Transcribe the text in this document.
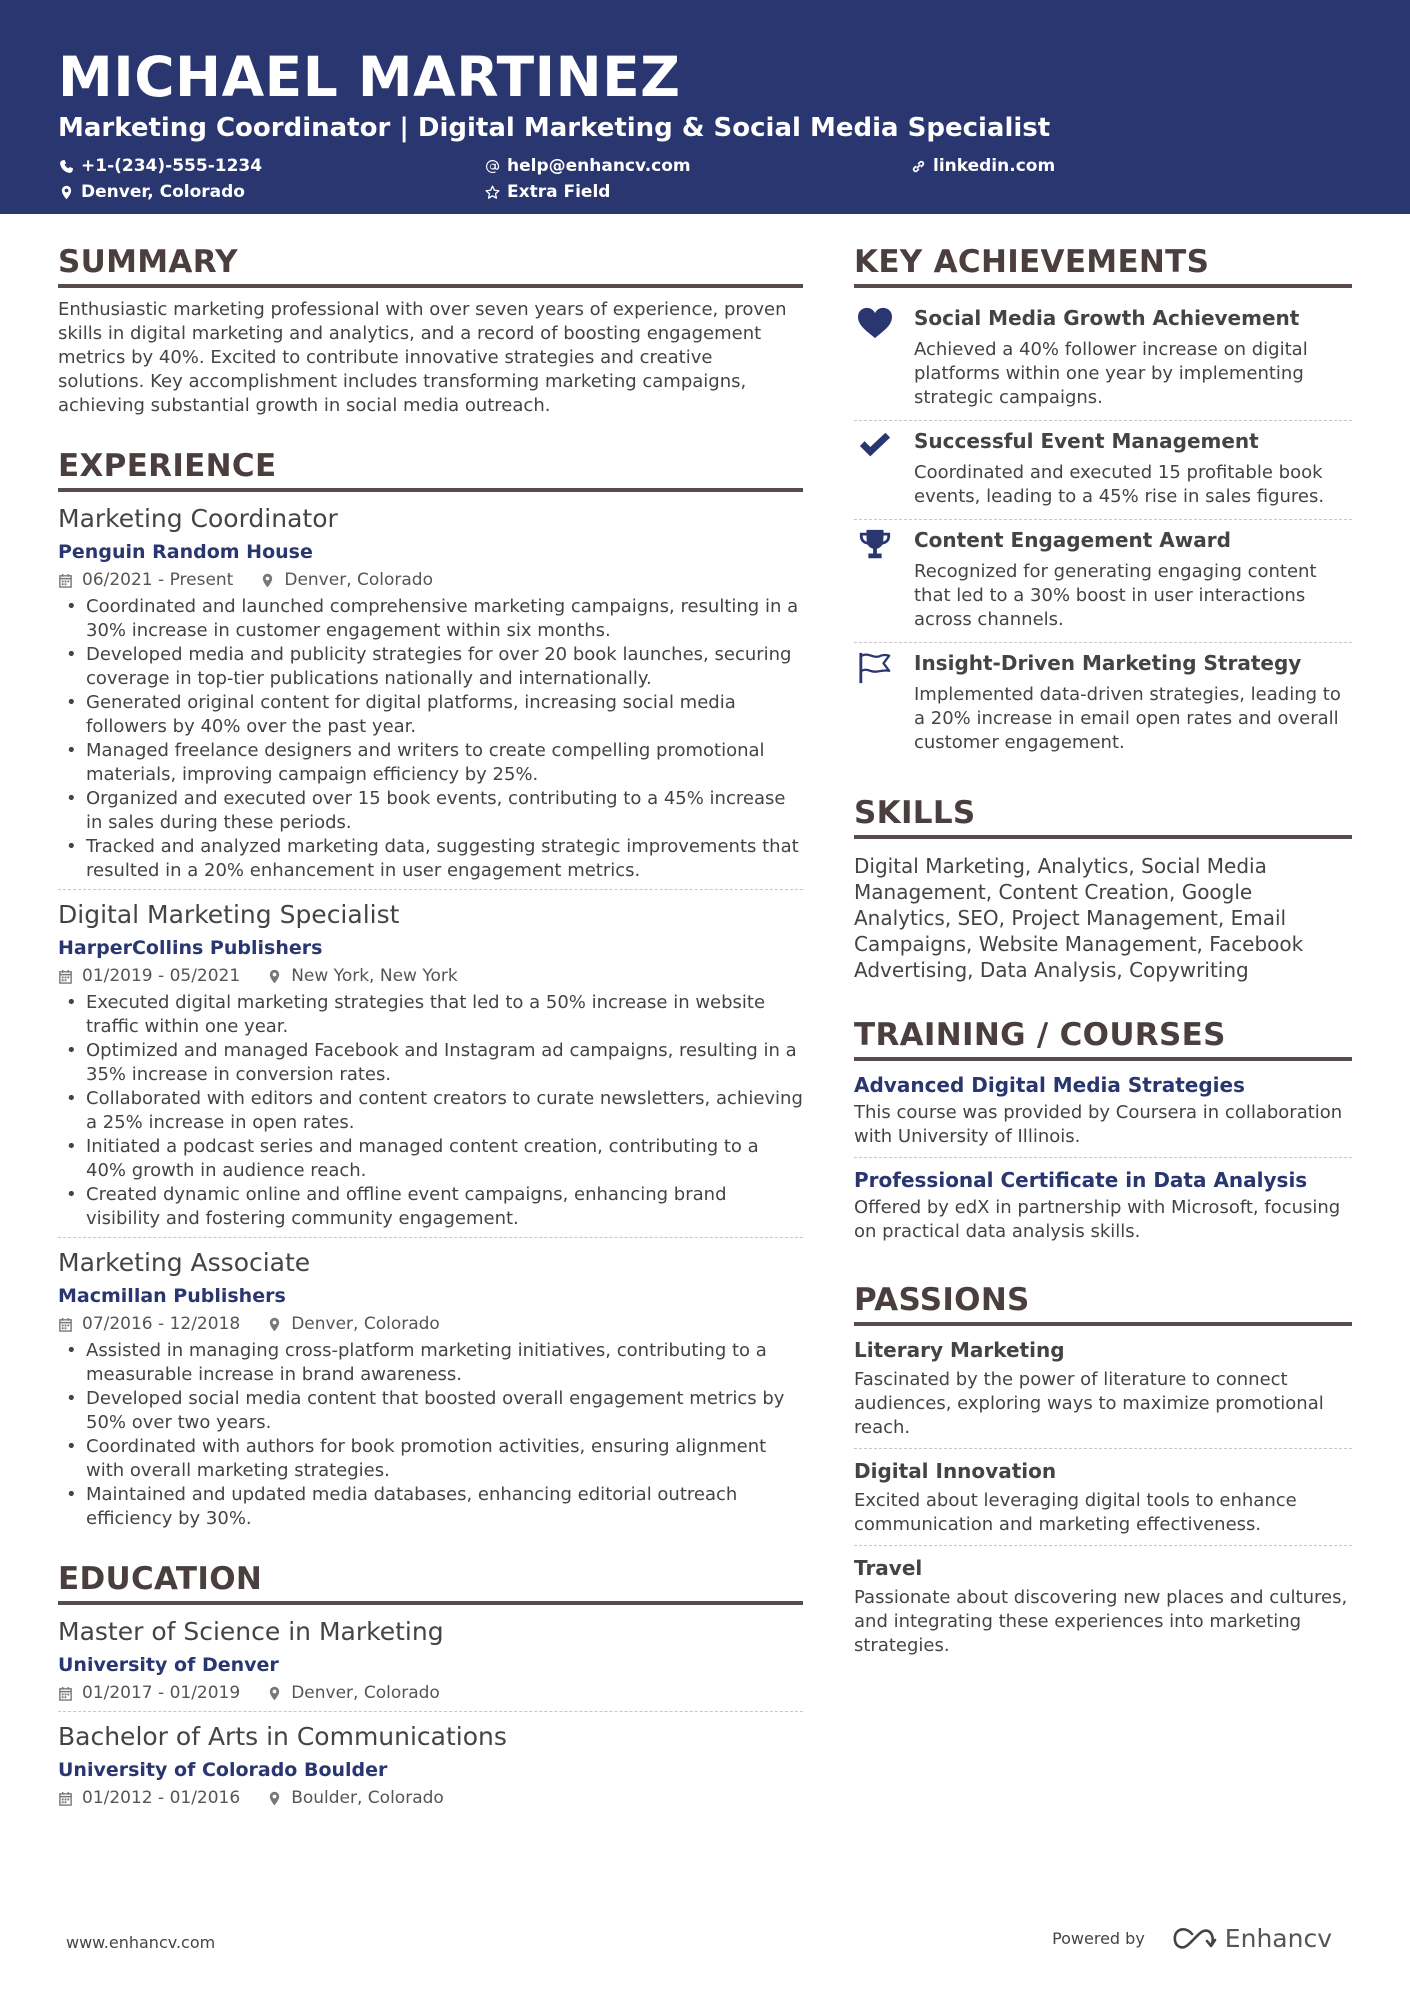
MICHAEL MARTINEZ
Marketing Coordinator | Digital Marketing & Social Media Specialist
+1-(234)-555-1234	help@enhancv.com	linkedin.com
Denver, Colorado	Extra Field
SUMMARY
Enthusiastic marketing professional with over seven years of experience, proven skills in digital marketing and analytics, and a record of boosting engagement metrics by 40%. Excited to contribute innovative strategies and creative solutions. Key accomplishment includes transforming marketing campaigns, achieving substantial growth in social media outreach.
EXPERIENCE
Marketing Coordinator
Penguin Random House
06/2021 - Present	Denver, Colorado
• Coordinated and launched comprehensive marketing campaigns, resulting in a 30% increase in customer engagement within six months.
• Developed media and publicity strategies for over 20 book launches, securing coverage in top-tier publications nationally and internationally.
• Generated original content for digital platforms, increasing social media followers by 40% over the past year.
• Managed freelance designers and writers to create compelling promotional materials, improving campaign efficiency by 25%.
• Organized and executed over 15 book events, contributing to a 45% increase in sales during these periods.
• Tracked and analyzed marketing data, suggesting strategic improvements that resulted in a 20% enhancement in user engagement metrics.
Digital Marketing Specialist
HarperCollins Publishers
01/2019 - 05/2021	New York, New York
• Executed digital marketing strategies that led to a 50% increase in website traffic within one year.
• Optimized and managed Facebook and Instagram ad campaigns, resulting in a 35% increase in conversion rates.
• Collaborated with editors and content creators to curate newsletters, achieving a 25% increase in open rates.
• Initiated a podcast series and managed content creation, contributing to a 40% growth in audience reach.
• Created dynamic online and offline event campaigns, enhancing brand visibility and fostering community engagement.
Marketing Associate
Macmillan Publishers
07/2016 - 12/2018	Denver, Colorado
• Assisted in managing cross-platform marketing initiatives, contributing to a measurable increase in brand awareness.
• Developed social media content that boosted overall engagement metrics by 50% over two years.
• Coordinated with authors for book promotion activities, ensuring alignment with overall marketing strategies.
• Maintained and updated media databases, enhancing editorial outreach efficiency by 30%.
EDUCATION
Master of Science in Marketing
University of Denver
01/2017 - 01/2019	Denver, Colorado
Bachelor of Arts in Communications
University of Colorado Boulder
01/2012 - 01/2016	Boulder, Colorado
KEY ACHIEVEMENTS
Social Media Growth Achievement
Achieved a 40% follower increase on digital platforms within one year by implementing strategic campaigns.
Successful Event Management
Coordinated and executed 15 profitable book events, leading to a 45% rise in sales figures.
Content Engagement Award
Recognized for generating engaging content that led to a 30% boost in user interactions across channels.
Insight-Driven Marketing Strategy
Implemented data-driven strategies, leading to a 20% increase in email open rates and overall customer engagement.
SKILLS
Digital Marketing, Analytics, Social Media Management, Content Creation, Google Analytics, SEO, Project Management, Email Campaigns, Website Management, Facebook Advertising, Data Analysis, Copywriting
TRAINING / COURSES
Advanced Digital Media Strategies
This course was provided by Coursera in collaboration with University of Illinois.
Professional Certificate in Data Analysis
Offered by edX in partnership with Microsoft, focusing on practical data analysis skills.
PASSIONS
Literary Marketing
Fascinated by the power of literature to connect audiences, exploring ways to maximize promotional reach.
Digital Innovation
Excited about leveraging digital tools to enhance communication and marketing effectiveness.
Travel
Passionate about discovering new places and cultures, and integrating these experiences into marketing strategies.
www.enhancv.com	Powered by	Enhancv
